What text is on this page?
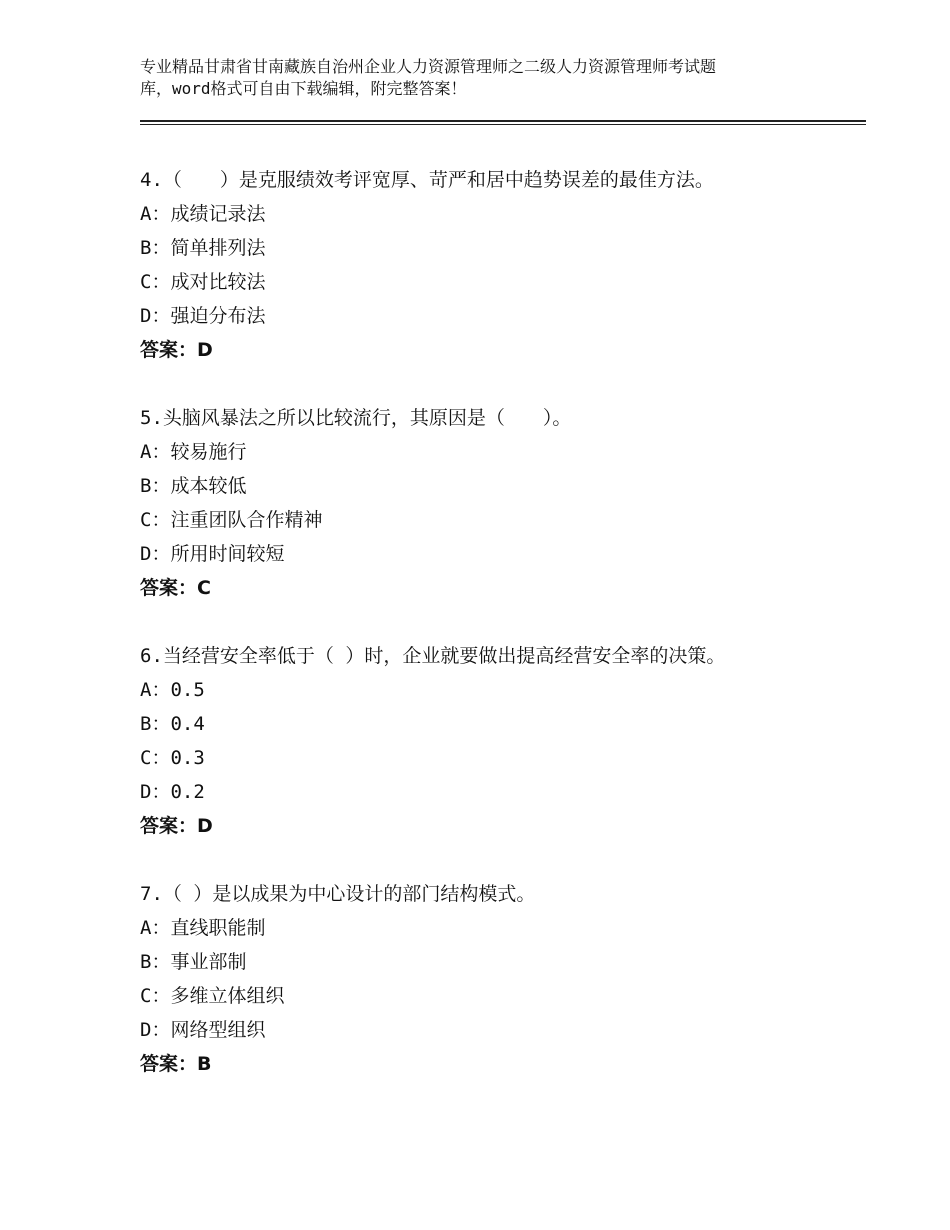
专业精品甘肃省甘南藏族自治州企业人力资源管理师之二级人力资源管理师考试题
库，word格式可自由下载编辑，附完整答案！
4.（　　）是克服绩效考评宽厚、苛严和居中趋势误差的最佳方法。
A：成绩记录法
B：简单排列法
C：成对比较法
D：强迫分布法
答案：D
5.头脑风暴法之所以比较流行，其原因是（　　）。
A：较易施行
B：成本较低
C：注重团队合作精神
D：所用时间较短
答案：C
6.当经营安全率低于（ ）时，企业就要做出提高经营安全率的决策。
A：0.5
B：0.4
C：0.3
D：0.2
答案：D
7.（ ）是以成果为中心设计的部门结构模式。
A：直线职能制
B：事业部制
C：多维立体组织
D：网络型组织
答案：B
